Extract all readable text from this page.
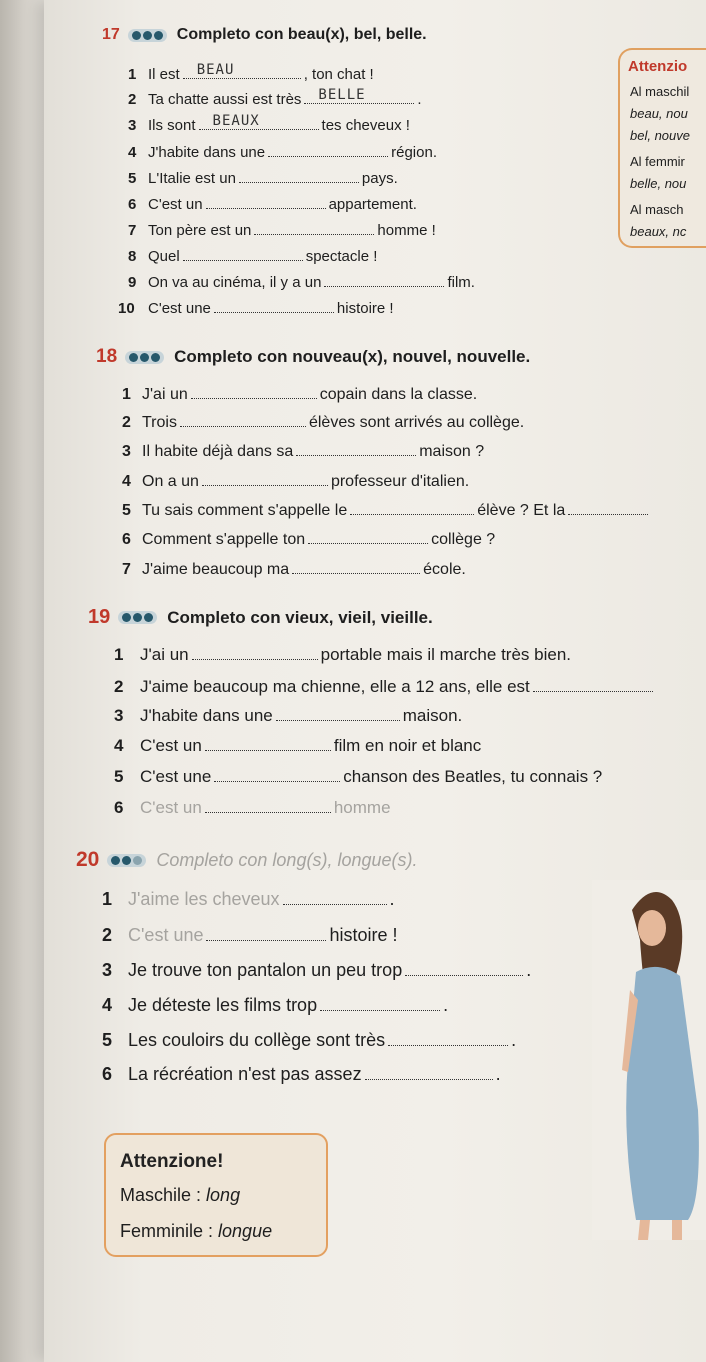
17	Completo con beau(x), bel, belle.
1 Il est BEAU	, ton chat !
2 Ta chatte aussi est très BELLE	.
3 Ils sont BEAUX	tes cheveux !
4 J'habite dans une	région.
5 L'Italie est un	pays.
6 C'est un	appartement.
7 Ton père est un	homme !
8 Quel	spectacle !
9 On va au cinéma, il y a un	film.
10 C'est une	histoire !
Attenzio
Al maschil
beau, nou
bel, nouve
Al femmir
belle, nou
Al masch
beaux, nc
18	Completo con nouveau(x), nouvel, nouvelle.
1 J'ai un	copain dans la classe.
2 Trois	élèves sont arrivés au collège.
3 Il habite déjà dans sa	maison ?
4 On a un	professeur d'italien.
5 Tu sais comment s'appelle le	élève ? Et la
6 Comment s'appelle ton	collège ?
7 J'aime beaucoup ma	école.
19	Completo con vieux, vieil, vieille.
1 J'ai un	portable mais il marche très bien.
2 J'aime beaucoup ma chienne, elle a 12 ans, elle est
3 J'habite dans une	maison.
4 C'est un	film en noir et blanc
5 C'est une	chanson des Beatles, tu connais ?
6 C'est un	homme
20	Completo con long(s), longue(s).
1 J'aime les cheveux	.
2 C'est une	histoire !
3 Je trouve ton pantalon un peu trop	.
4 Je déteste les films trop	.
5 Les couloirs du collège sont très	.
6 La récréation n'est pas assez	.
Attenzione!
Maschile : long
Femminile : longue
